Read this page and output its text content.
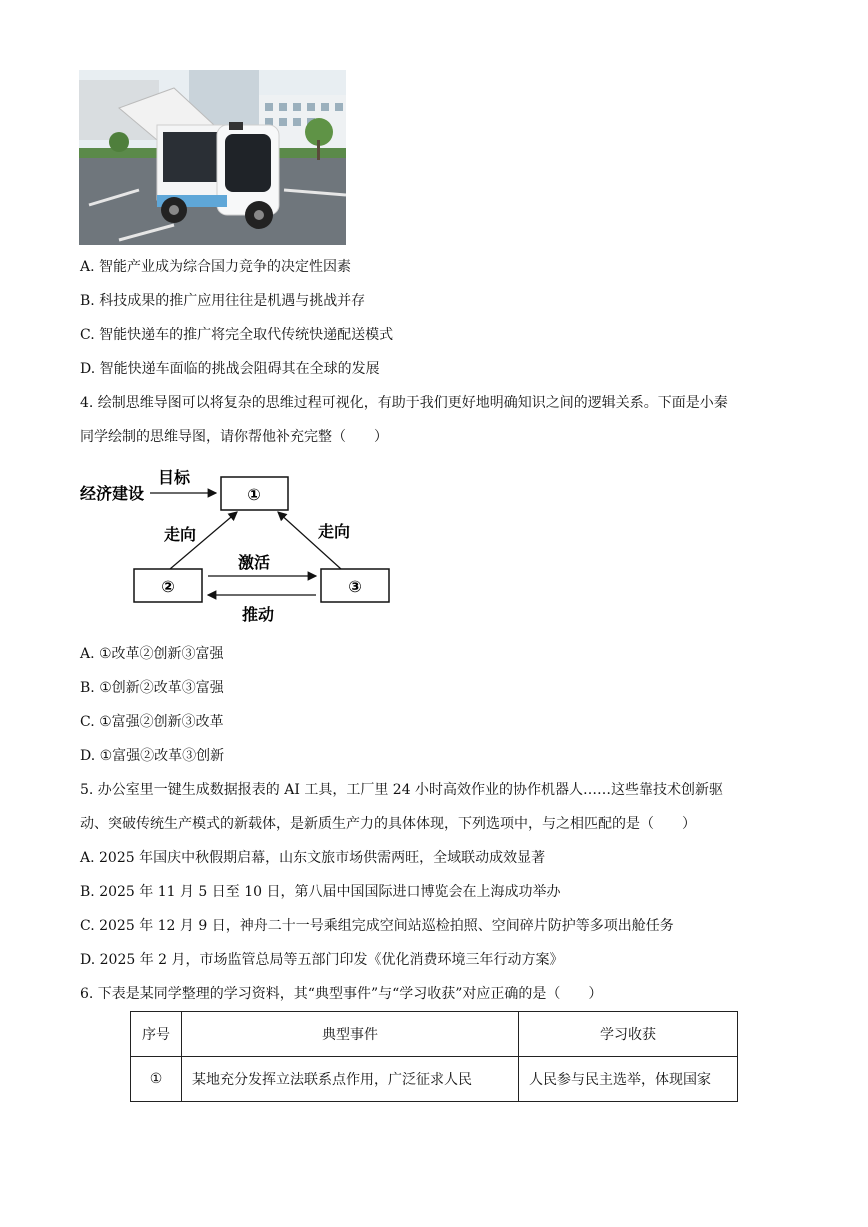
A. 智能产业成为综合国力竞争的决定性因素
B. 科技成果的推广应用往往是机遇与挑战并存
C. 智能快递车的推广将完全取代传统快递配送模式
D. 智能快递车面临的挑战会阻碍其在全球的发展
4. 绘制思维导图可以将复杂的思维过程可视化，有助于我们更好地明确知识之间的逻辑关系。下面是小秦
同学绘制的思维导图，请你帮他补充完整（　　）
经济建设
目标
①
走向	走向
②	③
激活
推动
A. ①改革②创新③富强
B. ①创新②改革③富强
C. ①富强②创新③改革
D. ①富强②改革③创新
5. 办公室里一键生成数据报表的 AI 工具，工厂里 24 小时高效作业的协作机器人……这些靠技术创新驱
动、突破传统生产模式的新载体，是新质生产力的具体体现，下列选项中，与之相匹配的是（　　）
A. 2025 年国庆中秋假期启幕，山东文旅市场供需两旺，全域联动成效显著
B. 2025 年 11 月 5 日至 10 日，第八届中国国际进口博览会在上海成功举办
C. 2025 年 12 月 9 日，神舟二十一号乘组完成空间站巡检拍照、空间碎片防护等多项出舱任务
D. 2025 年 2 月，市场监管总局等五部门印发《优化消费环境三年行动方案》
6. 下表是某同学整理的学习资料，其“典型事件”与“学习收获”对应正确的是（　　）
序号	典型事件	学习收获
①	某地充分发挥立法联系点作用，广泛征求人民	人民参与民主选举，体现国家
